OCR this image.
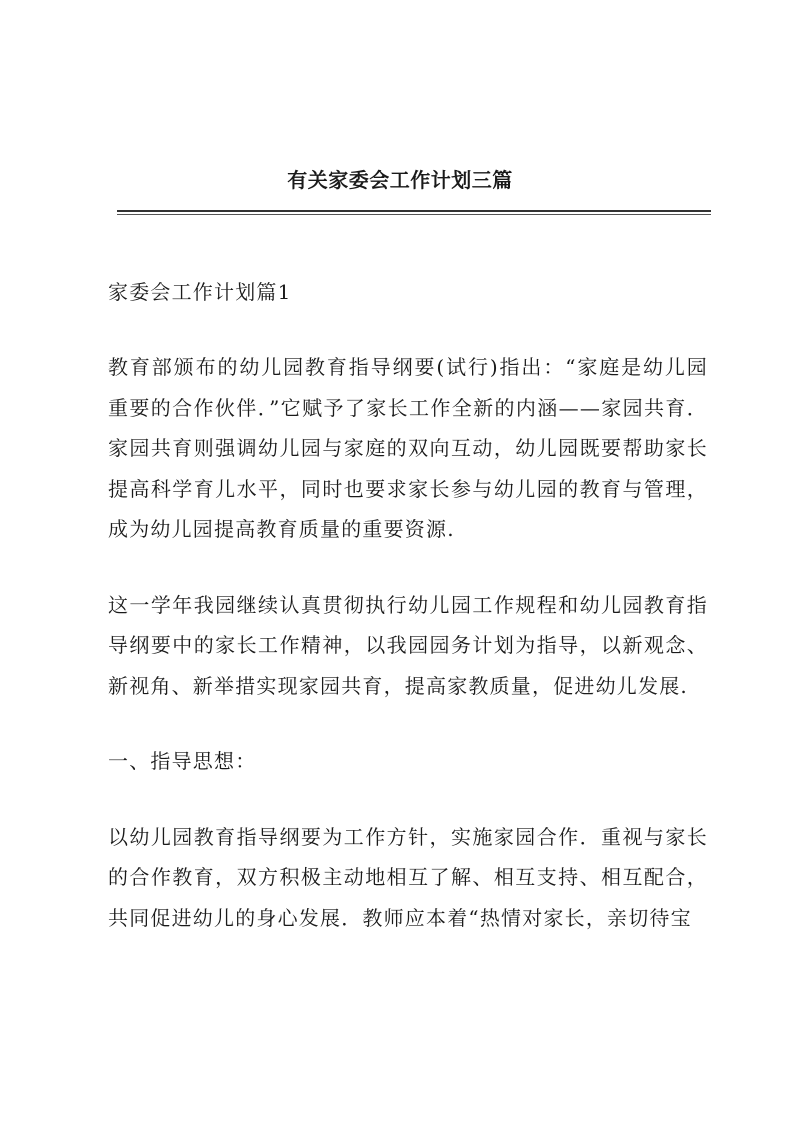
有关家委会工作计划三篇

家委会工作计划篇1

教育部颁布的幼儿园教育指导纲要(试行)指出：“家庭是幼儿园重要的合作伙伴．”它赋予了家长工作全新的内涵——家园共育．家园共育则强调幼儿园与家庭的双向互动，幼儿园既要帮助家长提高科学育儿水平，同时也要求家长参与幼儿园的教育与管理，成为幼儿园提高教育质量的重要资源.

这一学年我园继续认真贯彻执行幼儿园工作规程和幼儿园教育指导纲要中的家长工作精神，以我园园务计划为指导，以新观念、新视角、新举措实现家园共育，提高家教质量，促进幼儿发展.

一、指导思想：

以幼儿园教育指导纲要为工作方针，实施家园合作．重视与家长的合作教育，双方积极主动地相互了解、相互支持、相互配合，共同促进幼儿的身心发展．教师应本着“热情对家长，亲切待宝
